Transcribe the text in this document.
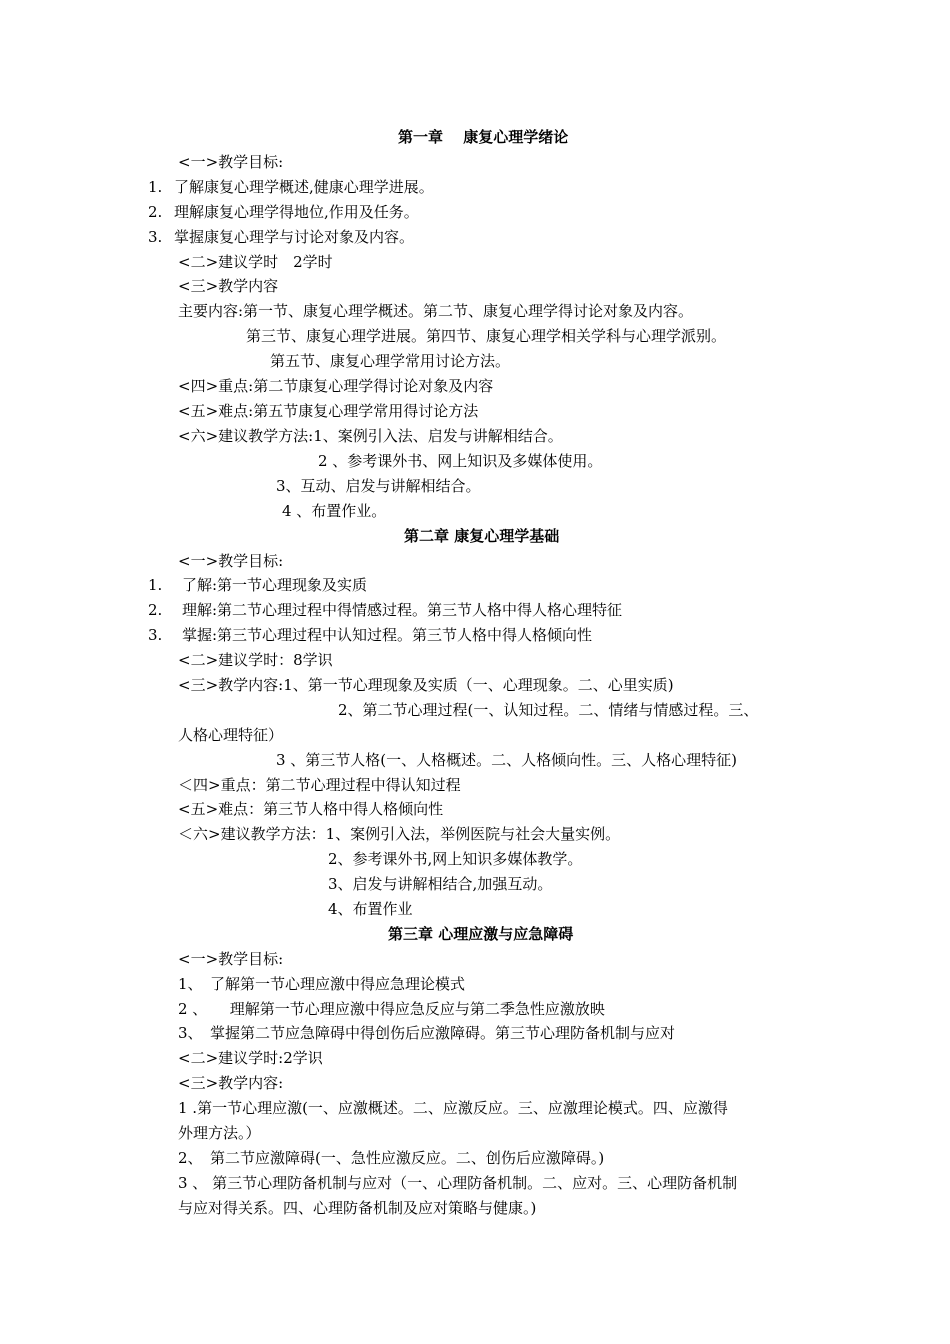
第一章　 康复心理学绪论
<一>教学目标:
1. 了解康复心理学概述,健康心理学进展。
2. 理解康复心理学得地位,作用及任务。
3. 掌握康复心理学与讨论对象及内容。
<二>建议学时　2学时
<三>教学内容
主要内容:第一节、康复心理学概述。第二节、康复心理学得讨论对象及内容。
第三节、康复心理学进展。第四节、康复心理学相关学科与心理学派别。
第五节、康复心理学常用讨论方法。
<四>重点:第二节康复心理学得讨论对象及内容
<五>难点:第五节康复心理学常用得讨论方法
<六>建议教学方法:1、案例引入法、启发与讲解相结合。
2 、参考课外书、网上知识及多媒体使用。
3、互动、启发与讲解相结合。
4 、布置作业。
第二章 康复心理学基础
<一>教学目标:
1. 了解:第一节心理现象及实质
2. 理解:第二节心理过程中得情感过程。第三节人格中得人格心理特征
3. 掌握:第三节心理过程中认知过程。第三节人格中得人格倾向性
<二>建议学时：8学识
<三>教学内容:1、第一节心理现象及实质（一、心理现象。二、心里实质)
2、第二节心理过程(一、认知过程。二、情绪与情感过程。三、
人格心理特征）
3 、第三节人格(一、人格概述。二、人格倾向性。三、人格心理特征)
＜四>重点：第二节心理过程中得认知过程
<五>难点：第三节人格中得人格倾向性
＜六>建议教学方法：1、案例引入法，举例医院与社会大量实例。
2、参考课外书,网上知识多媒体教学。
3、启发与讲解相结合,加强互动。
4、布置作业
第三章 心理应激与应急障碍
<一>教学目标:
1、　了解第一节心理应激中得应急理论模式
2 、　　理解第一节心理应激中得应急反应与第二季急性应激放映
3、　掌握第二节应急障碍中得创伤后应激障碍。第三节心理防备机制与应对
<二>建议学时:2学识
<三>教学内容:
1 .第一节心理应激(一、应激概述。二、应激反应。三、应激理论模式。四、应激得
外理方法。）
2、　第二节应激障碍(一、急性应激反应。二、创伤后应激障碍。)
3 、 第三节心理防备机制与应对（一、心理防备机制。二、应对。三、心理防备机制
与应对得关系。四、心理防备机制及应对策略与健康。)
